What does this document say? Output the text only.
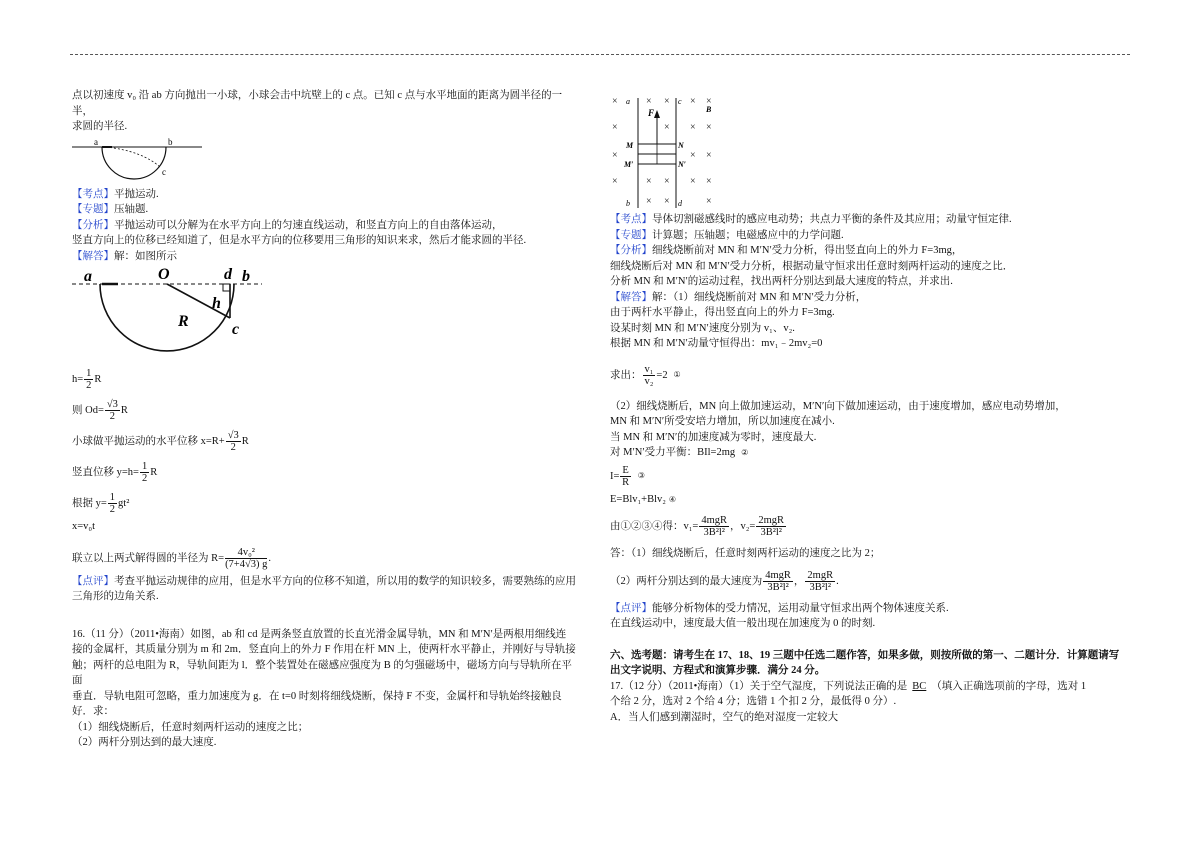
点以初速度 v₀ 沿 ab 方向抛出一小球，小球会击中坑壁上的 c 点。已知 c 点与水平地面的距离为圆半径的一半，

求圆的半径.

a	b
c

【考点】平抛运动.

【专题】压轴题.

【分析】平抛运动可以分解为在水平方向上的匀速直线运动，和竖直方向上的自由落体运动，

竖直方向上的位移已经知道了，但是水平方向的位移要用三角形的知识来求，然后才能求圆的半径.

【解答】解：如图所示

a	O	d b
h
R	c

$h= \frac{1}{2}$ R

则 $Od= \frac{√3}{2}$ R

小球做平抛运动的水平位移 $x=R+ \frac{√3}{2}$ R

竖直位移 $y=h= \frac{1}{2}$ R

根据 $y= \frac{1}{2} gt^2$

x=v₀t

联立以上两式解得圆的半径为 $R= \frac{\text{4v₀²}}{(7+4√3) g}$ .

【点评】考查平抛运动规律的应用，但是水平方向的位移不知道，所以用的数学的知识较多，需要熟练的应用

三角形的边角关系.

16.（11 分）（2011•海南）如图，ab 和 cd 是两条竖直放置的长直光滑金属导轨，MN 和 M′N′是两根用细线连

接的金属杆，其质量分别为 m 和 2m．竖直向上的外力 F 作用在杆 MN 上，使两杆水平静止，并刚好与导轨接

触；两杆的总电阻为 R，导轨间距为 l．整个装置处在磁感应强度为 B 的匀强磁场中，磁场方向与导轨所在平面

垂直．导轨电阻可忽略，重力加速度为 g．在 t=0 时刻将细线烧断，保持 F 不变，金属杆和导轨始终接触良

好．求：

（1）细线烧断后，任意时刻两杆运动的速度之比；

（2）两杆分别达到的最大速度.

a	c
B
F
M	N
M′	N′
b	d
×	× × × ×
×	× × ×
×	× ×
×	× × × ×
× ×	×

【考点】导体切割磁感线时的感应电动势；共点力平衡的条件及其应用；动量守恒定律.

【专题】计算题；压轴题；电磁感应中的力学问题.

【分析】细线烧断前对 MN 和 M′N′受力分析，得出竖直向上的外力 F=3mg，

细线烧断后对 MN 和 M′N′受力分析，根据动量守恒求出任意时刻两杆运动的速度之比．

分析 MN 和 M′N′的运动过程，找出两杆分别达到最大速度的特点，并求出.

【解答】解：（1）细线烧断前对 MN 和 M′N′受力分析，

由于两杆水平静止，得出竖直向上的外力 F=3mg.

设某时刻 MN 和 M′N′速度分别为 v₁、v₂.

根据 MN 和 M′N′动量守恒得出：mv₁﹣2mv₂=0

求出： $\frac{\text{v₁}}{\text{v₂}} =2$ ①

（2）细线烧断后，MN 向上做加速运动，M′N′向下做加速运动，由于速度增加，感应电动势增加，

MN 和 M′N′所受安培力增加，所以加速度在减小.

当 MN 和 M′N′的加速度减为零时，速度最大.

对 M′N′受力平衡：BIl=2mg ②

$I= \frac{E}{R}$ ③

E=Blv₁+Blv₂ ④

由①②③④得：$v_1= \frac{\text{4mgR}}{\text{3B²l²}}$ ，$v_2= \frac{\text{2mgR}}{\text{3B²l²}}$

答：（1）细线烧断后，任意时刻两杆运动的速度之比为 2；

（2）两杆分别达到的最大速度为 $\frac{\text{4mgR}}{\text{3B²l²}}$ ， $\frac{\text{2mgR}}{\text{3B²l²}}$ .

【点评】能够分析物体的受力情况，运用动量守恒求出两个物体速度关系.

在直线运动中，速度最大值一般出现在加速度为 0 的时刻.

六、选考题：请考生在 17、18、19 三题中任选二题作答，如果多做，则按所做的第一、二题计分．计算题请写

出文字说明、方程式和演算步骤．满分 24 分。

17.（12 分）（2011•海南）（1）关于空气湿度，下列说法正确的是 BC （填入正确选项前的字母，选对 1

个给 2 分，选对 2 个给 4 分；选错 1 个扣 2 分，最低得 0 分）.

A．当人们感到潮湿时，空气的绝对湿度一定较大
